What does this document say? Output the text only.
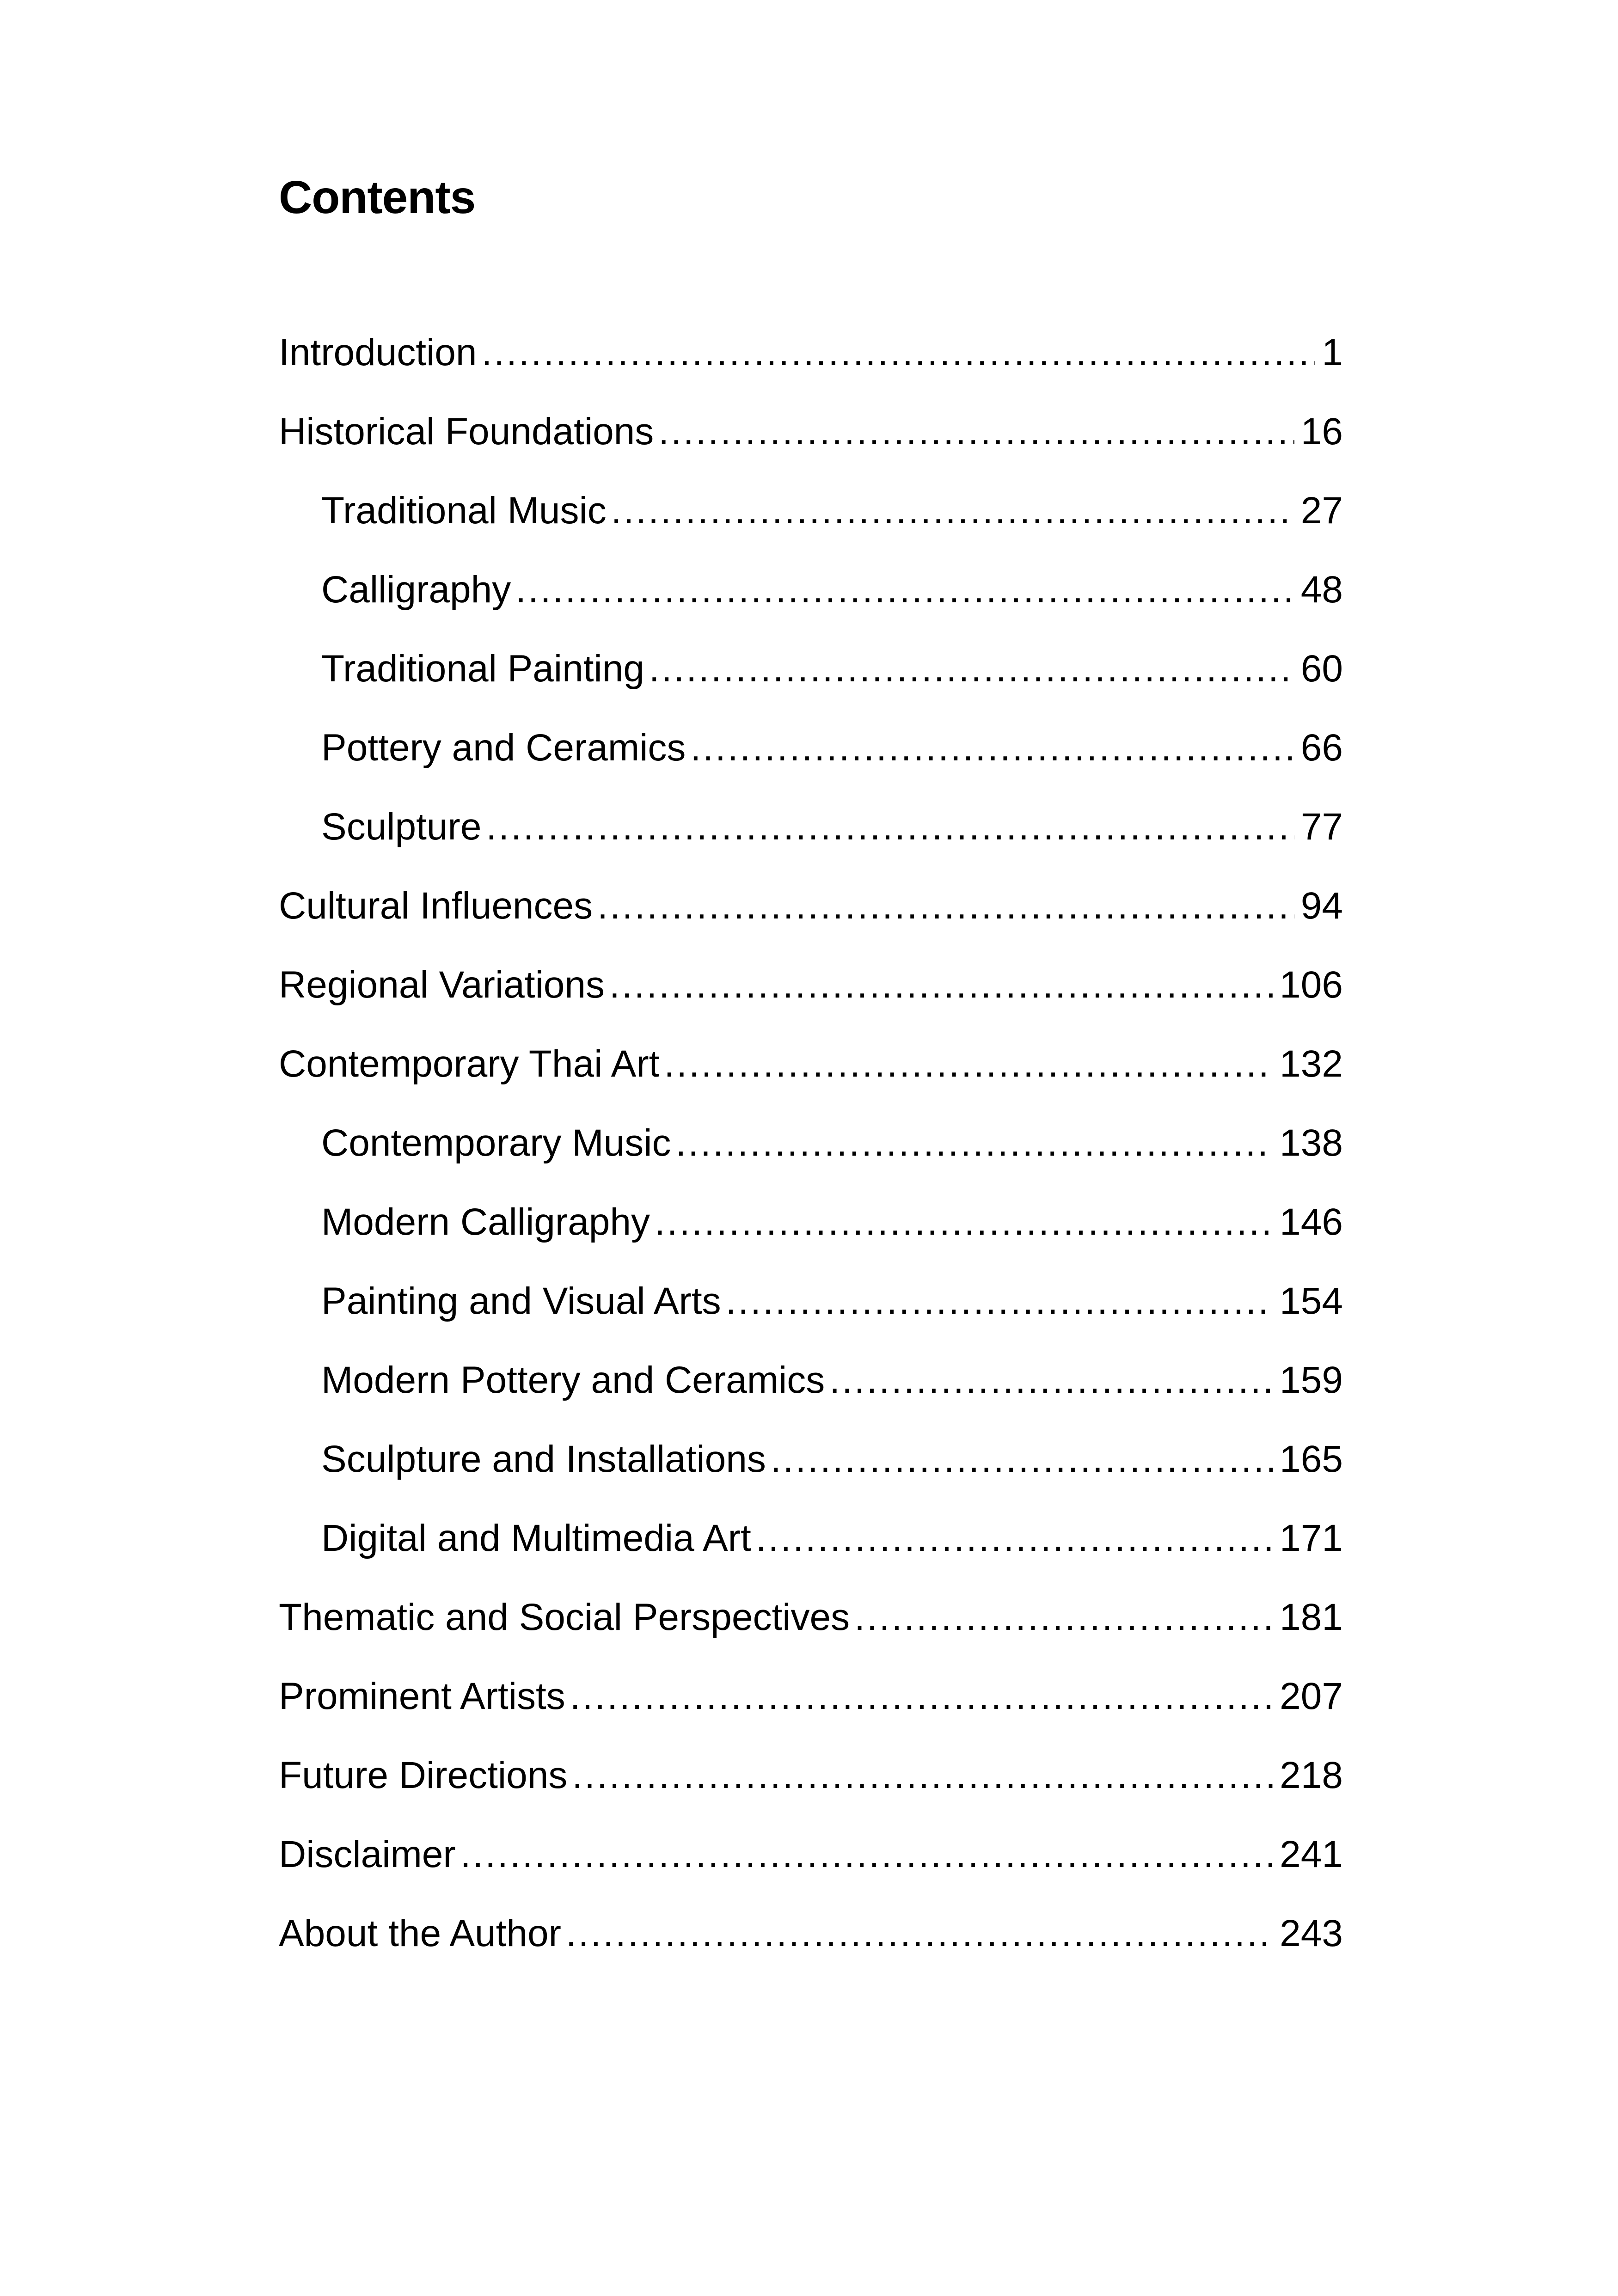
Contents
Introduction .....	1
Historical Foundations .....	16
Traditional Music .....	27
Calligraphy .....	48
Traditional Painting .....	60
Pottery and Ceramics .....	66
Sculpture .....	77
Cultural Influences .....	94
Regional Variations .....	106
Contemporary Thai Art .....	132
Contemporary Music .....	138
Modern Calligraphy .....	146
Painting and Visual Arts .....	154
Modern Pottery and Ceramics .....	159
Sculpture and Installations .....	165
Digital and Multimedia Art .....	171
Thematic and Social Perspectives .....	181
Prominent Artists .....	207
Future Directions .....	218
Disclaimer .....	241
About the Author .....	243
